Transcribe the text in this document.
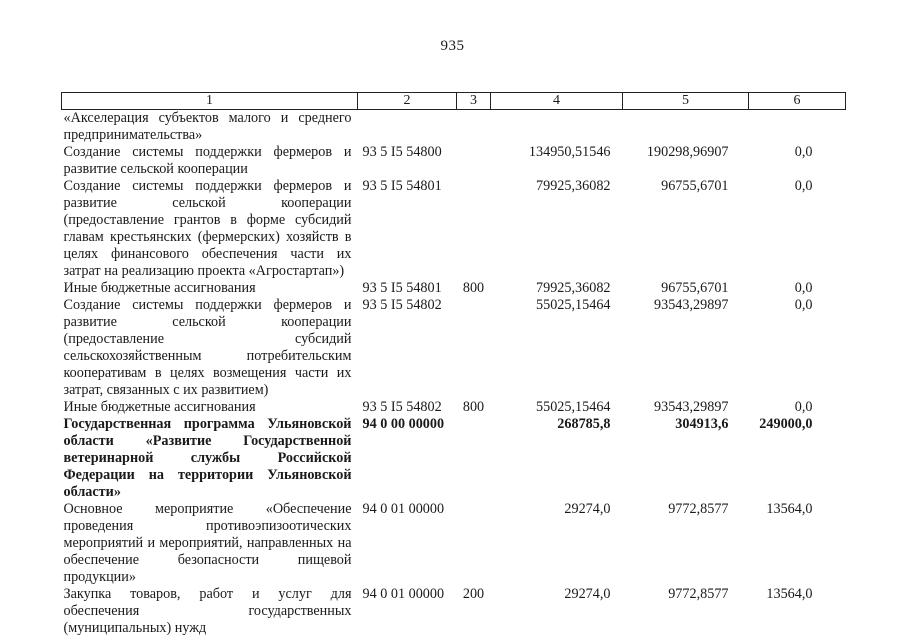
935
1	2	3	4	5	6
«Акселерация субъектов малого и среднего предпринимательства»					
Создание системы поддержки фермеров и развитие сельской кооперации	93 5 I5 54800		134950,51546	190298,96907	0,0
Создание системы поддержки фермеров и развитие сельской кооперации (предоставление грантов в форме субсидий главам крестьянских (фермерских) хозяйств в целях финансового обеспечения части их затрат на реализацию проекта «Агростартап»)	93 5 I5 54801		79925,36082	96755,6701	0,0
Иные бюджетные ассигнования	93 5 I5 54801	800	79925,36082	96755,6701	0,0
Создание системы поддержки фермеров и развитие сельской кооперации (предоставление субсидий сельскохозяйственным потребительским кооперативам в целях возмещения части их затрат, связанных с их развитием)	93 5 I5 54802		55025,15464	93543,29897	0,0
Иные бюджетные ассигнования	93 5 I5 54802	800	55025,15464	93543,29897	0,0
Государственная программа Ульяновской области «Развитие Государственной ветеринарной службы Российской Федерации на территории Ульяновской области»	94 0 00 00000		268785,8	304913,6	249000,0
Основное мероприятие «Обеспечение проведения противоэпизоотических мероприятий и мероприятий, направленных на обеспечение безопасности пищевой продукции»	94 0 01 00000		29274,0	9772,8577	13564,0
Закупка товаров, работ и услуг для обеспечения государственных (муниципальных) нужд	94 0 01 00000	200	29274,0	9772,8577	13564,0
